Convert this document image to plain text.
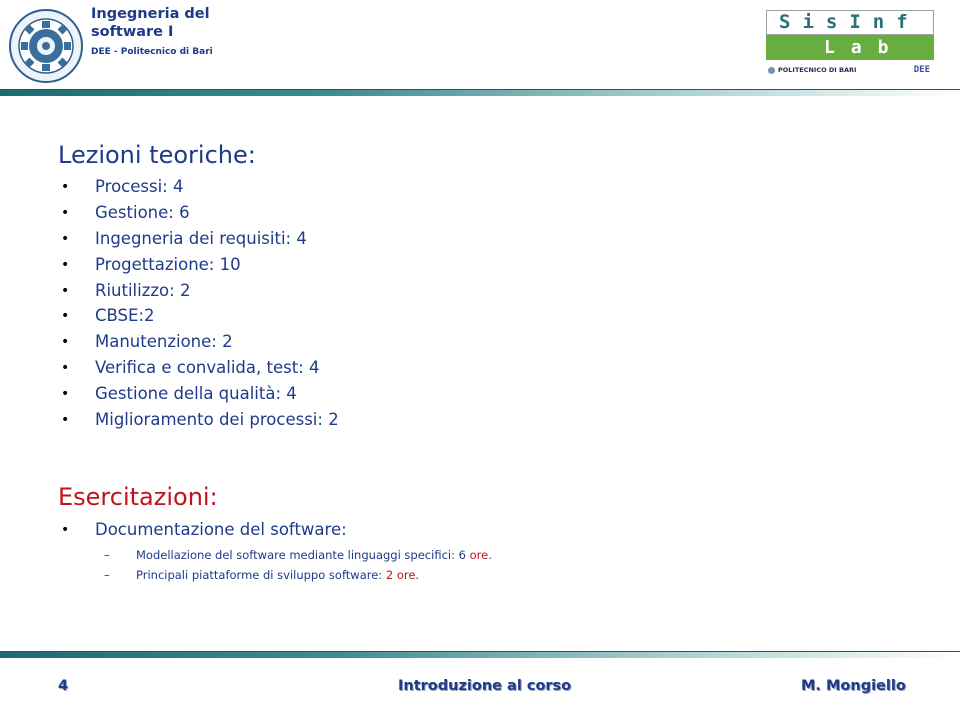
Ingegneria del software I
DEE - Politecnico di Bari
SisInf
Lab
POLITECNICO DI BARI	DEE
Lezioni teoriche:
• Processi: 4
• Gestione: 6
• Ingegneria dei requisiti: 4
• Progettazione: 10
• Riutilizzo: 2
• CBSE:2
• Manutenzione: 2
• Verifica e convalida, test: 4
• Gestione della qualità: 4
• Miglioramento dei processi: 2
Esercitazioni:
• Documentazione del software:
– Modellazione del software mediante linguaggi specifici: 6 ore.
– Principali piattaforme di sviluppo software: 2 ore.
4	Introduzione al corso	M. Mongiello
